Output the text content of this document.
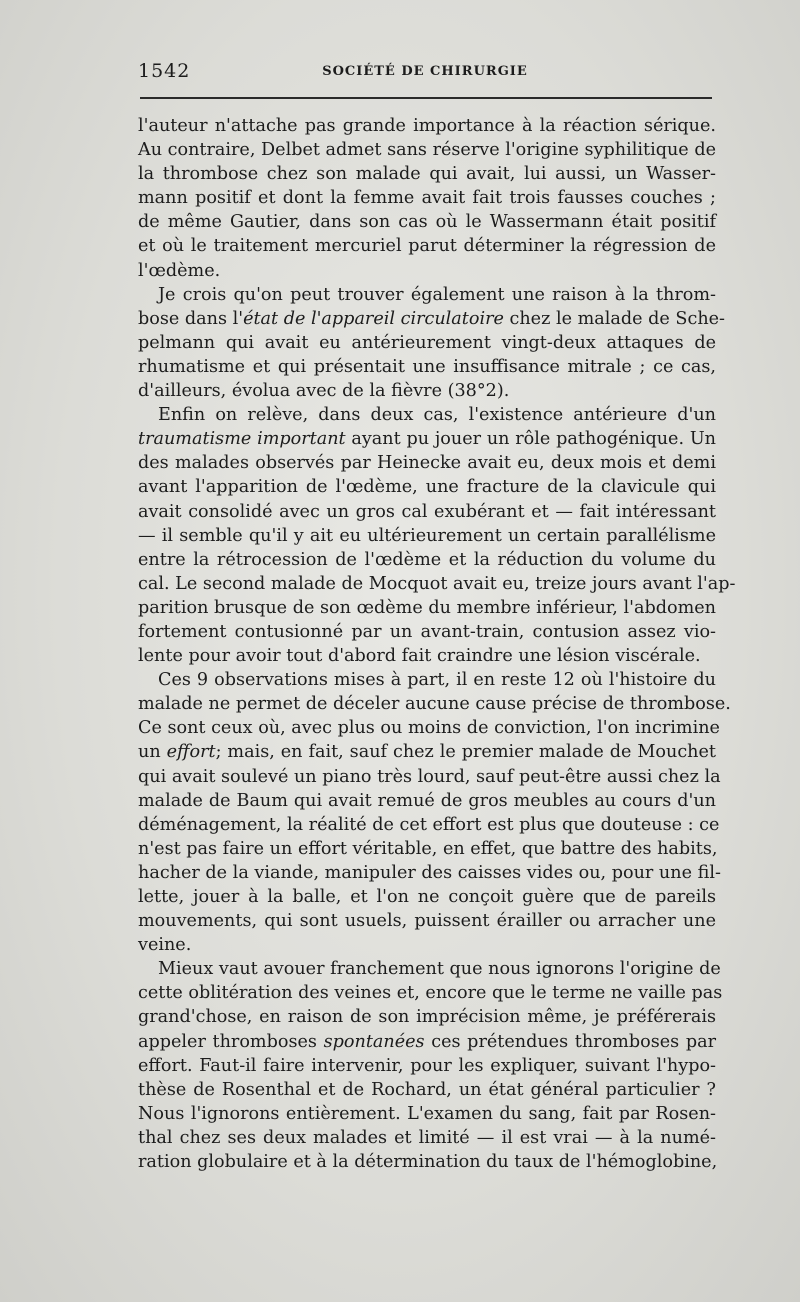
1542	SOCIÉTÉ DE CHIRURGIE
l'auteur n'attache pas grande importance à la réaction sérique.
Au contraire, Delbet admet sans réserve l'origine syphilitique de
la thrombose chez son malade qui avait, lui aussi, un Wasser-
mann positif et dont la femme avait fait trois fausses couches ;
de même Gautier, dans son cas où le Wassermann était positif
et où le traitement mercuriel parut déterminer la régression de
l'œdème.
Je crois qu'on peut trouver également une raison à la throm-
bose dans l'état de l'appareil circulatoire chez le malade de Sche-
pelmann qui avait eu antérieurement vingt-deux attaques de
rhumatisme et qui présentait une insuffisance mitrale ; ce cas,
d'ailleurs, évolua avec de la fièvre (38°2).
Enfin on relève, dans deux cas, l'existence antérieure d'un
traumatisme important ayant pu jouer un rôle pathogénique. Un
des malades observés par Heinecke avait eu, deux mois et demi
avant l'apparition de l'œdème, une fracture de la clavicule qui
avait consolidé avec un gros cal exubérant et — fait intéressant
— il semble qu'il y ait eu ultérieurement un certain parallélisme
entre la rétrocession de l'œdème et la réduction du volume du
cal. Le second malade de Mocquot avait eu, treize jours avant l'ap-
parition brusque de son œdème du membre inférieur, l'abdomen
fortement contusionné par un avant-train, contusion assez vio-
lente pour avoir tout d'abord fait craindre une lésion viscérale.
Ces 9 observations mises à part, il en reste 12 où l'histoire du
malade ne permet de déceler aucune cause précise de thrombose.
Ce sont ceux où, avec plus ou moins de conviction, l'on incrimine
un effort; mais, en fait, sauf chez le premier malade de Mouchet
qui avait soulevé un piano très lourd, sauf peut-être aussi chez la
malade de Baum qui avait remué de gros meubles au cours d'un
déménagement, la réalité de cet effort est plus que douteuse : ce
n'est pas faire un effort véritable, en effet, que battre des habits,
hacher de la viande, manipuler des caisses vides ou, pour une fil-
lette, jouer à la balle, et l'on ne conçoit guère que de pareils
mouvements, qui sont usuels, puissent érailler ou arracher une
veine.
Mieux vaut avouer franchement que nous ignorons l'origine de
cette oblitération des veines et, encore que le terme ne vaille pas
grand'chose, en raison de son imprécision même, je préférerais
appeler thromboses spontanées ces prétendues thromboses par
effort. Faut-il faire intervenir, pour les expliquer, suivant l'hypo-
thèse de Rosenthal et de Rochard, un état général particulier ?
Nous l'ignorons entièrement. L'examen du sang, fait par Rosen-
thal chez ses deux malades et limité — il est vrai — à la numé-
ration globulaire et à la détermination du taux de l'hémoglobine,
